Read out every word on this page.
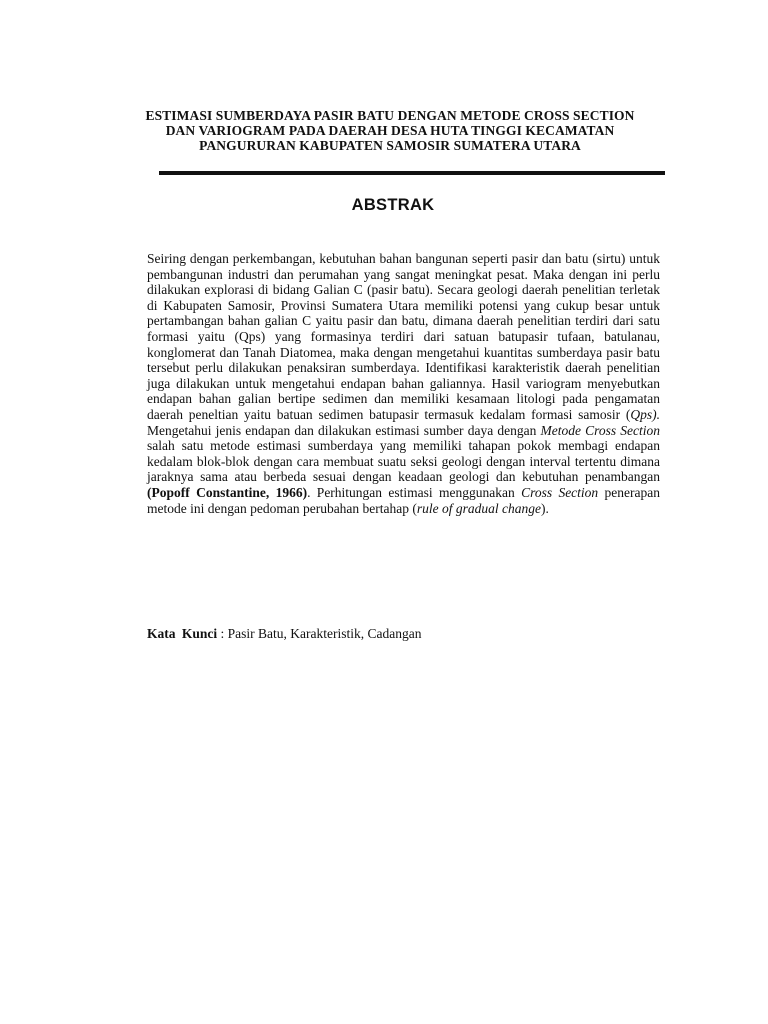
ESTIMASI SUMBERDAYA PASIR BATU DENGAN METODE CROSS SECTION
DAN VARIOGRAM PADA DAERAH DESA HUTA TINGGI KECAMATAN
PANGURURAN KABUPATEN SAMOSIR SUMATERA UTARA
ABSTRAK
Seiring dengan perkembangan, kebutuhan bahan bangunan seperti pasir dan batu (sirtu) untuk pembangunan industri dan perumahan yang sangat meningkat pesat. Maka dengan ini perlu dilakukan explorasi di bidang Galian C (pasir batu). Secara geologi daerah penelitian terletak di Kabupaten Samosir, Provinsi Sumatera Utara memiliki potensi yang cukup besar untuk pertambangan bahan galian C yaitu pasir dan batu, dimana daerah penelitian terdiri dari satu formasi yaitu (Qps) yang formasinya terdiri dari satuan batupasir tufaan, batulanau, konglomerat dan Tanah Diatomea, maka dengan mengetahui kuantitas sumberdaya pasir batu tersebut perlu dilakukan penaksiran sumberdaya. Identifikasi karakteristik daerah penelitian juga dilakukan untuk mengetahui endapan bahan galiannya. Hasil variogram menyebutkan endapan bahan galian bertipe sedimen dan memiliki kesamaan litologi pada pengamatan daerah peneltian yaitu batuan sedimen batupasir termasuk kedalam formasi samosir (Qps). Mengetahui jenis endapan dan dilakukan estimasi sumber daya dengan Metode Cross Section salah satu metode estimasi sumberdaya yang memiliki tahapan pokok membagi endapan kedalam blok-blok dengan cara membuat suatu seksi geologi dengan interval tertentu dimana jaraknya sama atau berbeda sesuai dengan keadaan geologi dan kebutuhan penambangan (Popoff Constantine, 1966). Perhitungan estimasi menggunakan Cross Section penerapan metode ini dengan pedoman perubahan bertahap (rule of gradual change).
Kata Kunci : Pasir Batu, Karakteristik, Cadangan
